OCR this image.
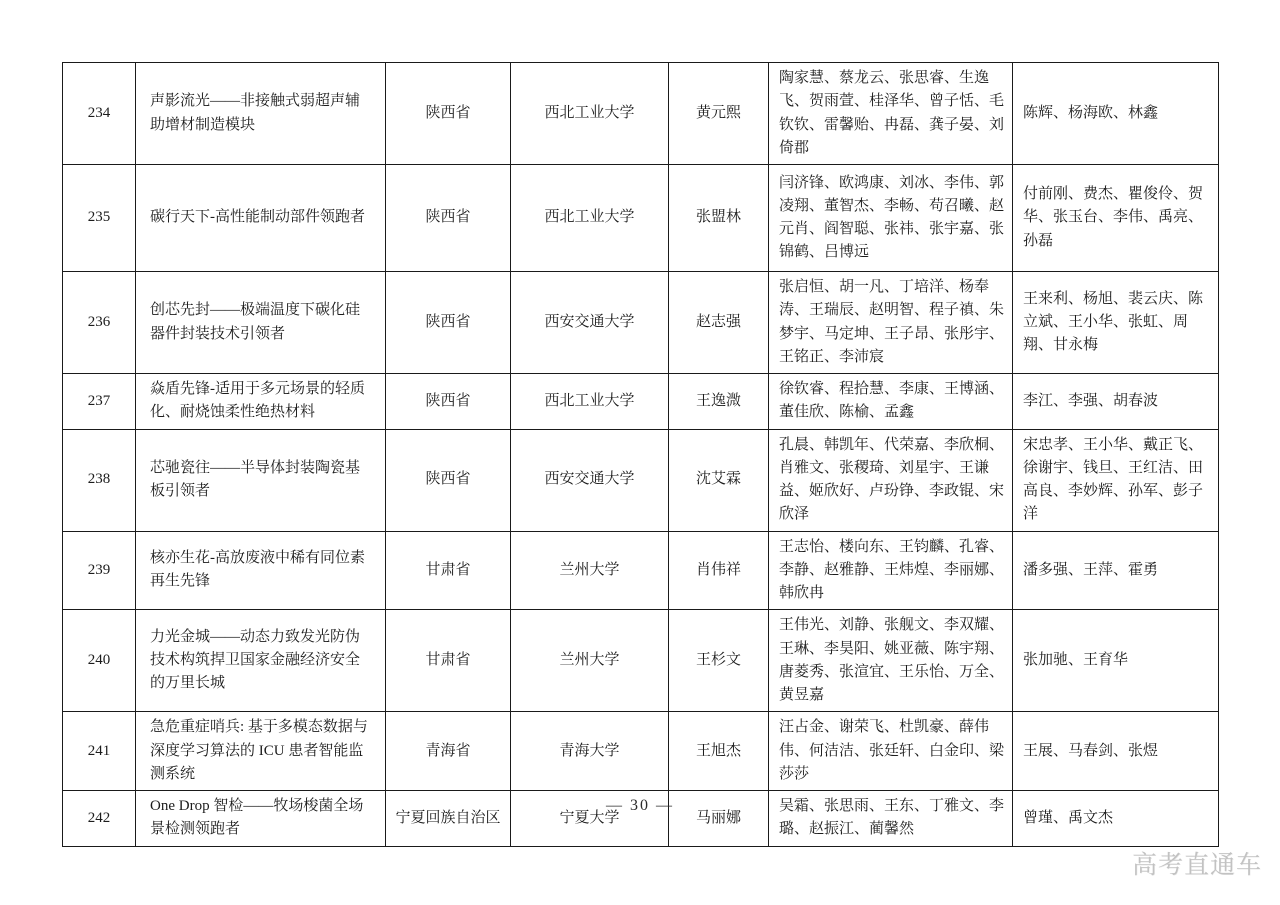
234	声影流光——非接触式弱超声辅助增材制造模块	陕西省	西北工业大学	黄元熙	陶家慧、蔡龙云、张思睿、生逸飞、贺雨萱、桂泽华、曾子恬、毛钦钦、雷馨贻、冉磊、龚子晏、刘倚郡	陈辉、杨海欧、林鑫
235	碳行天下-高性能制动部件领跑者	陕西省	西北工业大学	张盟林	闫济锋、欧鸿康、刘冰、李伟、郭凌翔、董智杰、李畅、苟召曦、赵元肖、阎智聪、张祎、张宇嘉、张锦鹤、吕博远	付前刚、费杰、瞿俊伶、贺华、张玉台、李伟、禹亮、孙磊
236	创芯先封——极端温度下碳化硅器件封装技术引领者	陕西省	西安交通大学	赵志强	张启恒、胡一凡、丁培洋、杨奉涛、王瑞辰、赵明智、程子禛、朱梦宇、马定坤、王子昂、张彤宇、王铭正、李沛宸	王来利、杨旭、裴云庆、陈立斌、王小华、张虹、周翔、甘永梅
237	焱盾先锋-适用于多元场景的轻质化、耐烧蚀柔性绝热材料	陕西省	西北工业大学	王逸溦	徐钦睿、程拾慧、李康、王博涵、董佳欣、陈榆、孟鑫	李江、李强、胡春波
238	芯驰瓷往——半导体封装陶瓷基板引领者	陕西省	西安交通大学	沈艾霖	孔晨、韩凯年、代荣嘉、李欣桐、肖雅文、张稷琦、刘星宇、王谦益、姬欣好、卢玢铮、李政锟、宋欣泽	宋忠孝、王小华、戴正飞、徐谢宇、钱旦、王红洁、田高良、李妙辉、孙军、彭子洋
239	核亦生花-高放废液中稀有同位素再生先锋	甘肃省	兰州大学	肖伟祥	王志怡、楼向东、王钧麟、孔睿、李静、赵雅静、王炜煌、李丽娜、韩欣冉	潘多强、王萍、霍勇
240	力光金城——动态力致发光防伪技术构筑捍卫国家金融经济安全的万里长城	甘肃省	兰州大学	王杉文	王伟光、刘静、张舰文、李双耀、王琳、李昊阳、姚亚薇、陈宇翔、唐菱秀、张渲宜、王乐怡、万全、黄昱嘉	张加驰、王育华
241	急危重症哨兵: 基于多模态数据与深度学习算法的 ICU 患者智能监测系统	青海省	青海大学	王旭杰	汪占金、谢荣飞、杜凯豪、薛伟伟、何洁洁、张廷轩、白金印、梁莎莎	王展、马春剑、张煜
242	One Drop 智检——牧场梭菌全场景检测领跑者	宁夏回族自治区	宁夏大学	马丽娜	吴霜、张思雨、王东、丁雅文、李璐、赵振江、蔺馨然	曾瑾、禹文杰
— 30 —
高考直通车
